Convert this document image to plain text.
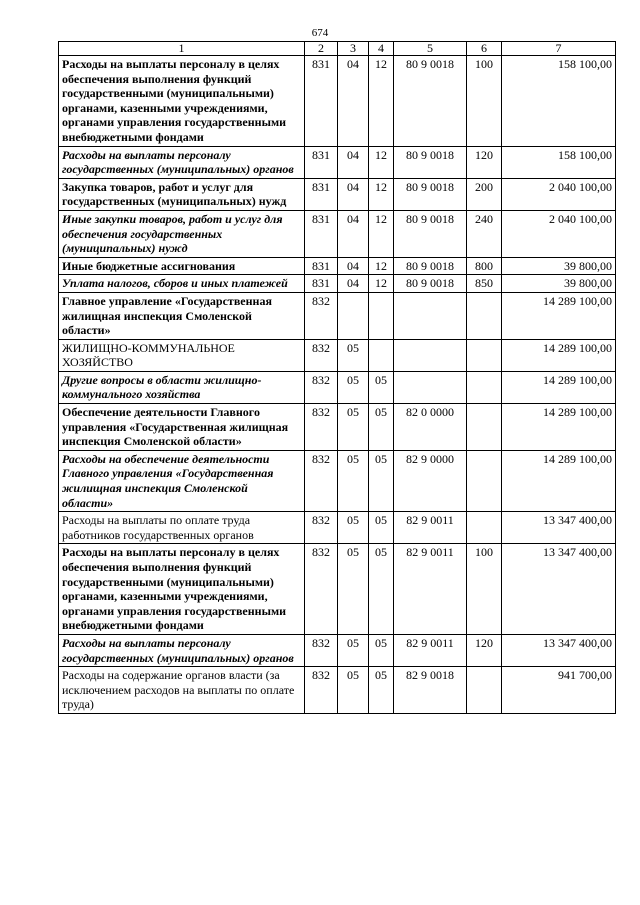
674
1	2	3	4	5	6	7
Расходы на выплаты персоналу в целях обеспечения выполнения функций государственными (муниципальными) органами, казенными учреждениями, органами управления государственными внебюджетными фондами	831	04	12	80 9 0018	100	158 100,00
Расходы на выплаты персоналу государственных (муниципальных) органов	831	04	12	80 9 0018	120	158 100,00
Закупка товаров, работ и услуг для государственных (муниципальных) нужд	831	04	12	80 9 0018	200	2 040 100,00
Иные закупки товаров, работ и услуг для обеспечения государственных (муниципальных) нужд	831	04	12	80 9 0018	240	2 040 100,00
Иные бюджетные ассигнования	831	04	12	80 9 0018	800	39 800,00
Уплата налогов, сборов и иных платежей	831	04	12	80 9 0018	850	39 800,00
Главное управление «Государственная жилищная инспекция Смоленской области»	832					14 289 100,00
ЖИЛИЩНО-КОММУНАЛЬНОЕ ХОЗЯЙСТВО	832	05				14 289 100,00
Другие вопросы в области жилищно-коммунального хозяйства	832	05	05			14 289 100,00
Обеспечение деятельности Главного управления «Государственная жилищная инспекция Смоленской области»	832	05	05	82 0 0000		14 289 100,00
Расходы на обеспечение деятельности Главного управления «Государственная жилищная инспекция Смоленской области»	832	05	05	82 9 0000		14 289 100,00
Расходы на выплаты по оплате труда работников государственных органов	832	05	05	82 9 0011		13 347 400,00
Расходы на выплаты персоналу в целях обеспечения выполнения функций государственными (муниципальными) органами, казенными учреждениями, органами управления государственными внебюджетными фондами	832	05	05	82 9 0011	100	13 347 400,00
Расходы на выплаты персоналу государственных (муниципальных) органов	832	05	05	82 9 0011	120	13 347 400,00
Расходы на содержание органов власти (за исключением расходов на выплаты по оплате труда)	832	05	05	82 9 0018		941 700,00
